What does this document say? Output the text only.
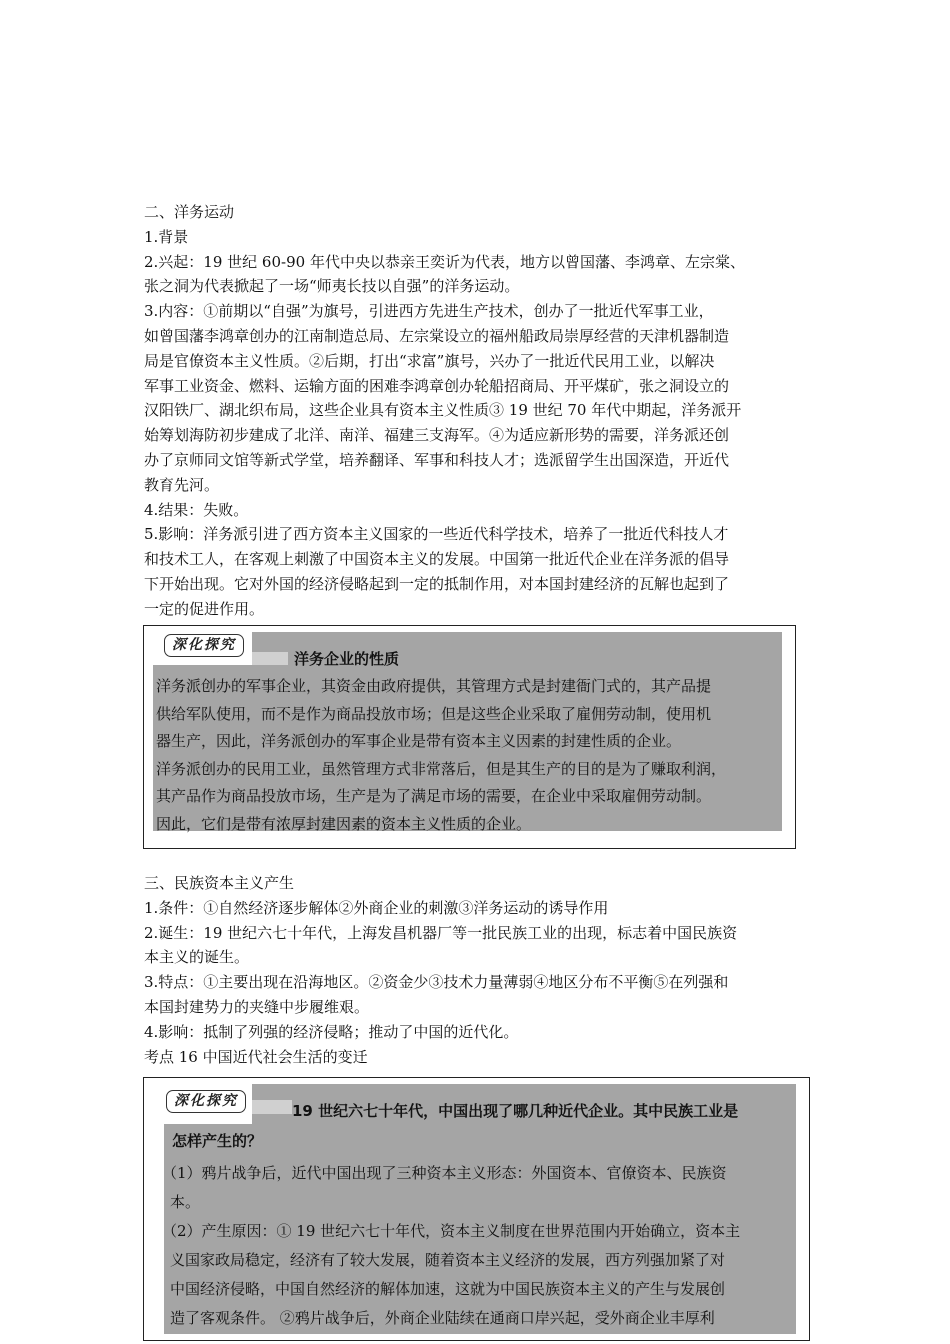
二、洋务运动
1.背景
2.兴起：19 世纪 60-90 年代中央以恭亲王奕䜣为代表，地方以曾国藩、李鸿章、左宗棠、
张之洞为代表掀起了一场“师夷长技以自强”的洋务运动。
3.内容：①前期以“自强”为旗号，引进西方先进生产技术，创办了一批近代军事工业，
如曾国藩李鸿章创办的江南制造总局、左宗棠设立的福州船政局崇厚经营的天津机器制造
局是官僚资本主义性质。②后期，打出“求富”旗号，兴办了一批近代民用工业，以解决
军事工业资金、燃料、运输方面的困难李鸿章创办轮船招商局、开平煤矿，张之洞设立的
汉阳铁厂、湖北织布局，这些企业具有资本主义性质③ 19 世纪 70 年代中期起，洋务派开
始筹划海防初步建成了北洋、南洋、福建三支海军。④为适应新形势的需要，洋务派还创
办了京师同文馆等新式学堂，培养翻译、军事和科技人才；选派留学生出国深造，开近代
教育先河。
4.结果：失败。
5.影响：洋务派引进了西方资本主义国家的一些近代科学技术，培养了一批近代科技人才
和技术工人，在客观上刺激了中国资本主义的发展。中国第一批近代企业在洋务派的倡导
下开始出现。它对外国的经济侵略起到一定的抵制作用，对本国封建经济的瓦解也起到了
一定的促进作用。
深化探究
洋务企业的性质
洋务派创办的军事企业，其资金由政府提供，其管理方式是封建衙门式的，其产品提
供给军队使用，而不是作为商品投放市场；但是这些企业采取了雇佣劳动制，使用机
器生产，因此，洋务派创办的军事企业是带有资本主义因素的封建性质的企业。
洋务派创办的民用工业，虽然管理方式非常落后，但是其生产的目的是为了赚取利润，
其产品作为商品投放市场，生产是为了满足市场的需要，在企业中采取雇佣劳动制。
因此，它们是带有浓厚封建因素的资本主义性质的企业。
三、民族资本主义产生
1.条件：①自然经济逐步解体②外商企业的刺激③洋务运动的诱导作用
2.诞生：19 世纪六七十年代，上海发昌机器厂等一批民族工业的出现，标志着中国民族资
本主义的诞生。
3.特点：①主要出现在沿海地区。②资金少③技术力量薄弱④地区分布不平衡⑤在列强和
本国封建势力的夹缝中步履维艰。
4.影响：抵制了列强的经济侵略；推动了中国的近代化。
考点 16 中国近代社会生活的变迁
深化探究
19 世纪六七十年代，中国出现了哪几种近代企业。其中民族工业是
怎样产生的？
（1）鸦片战争后，近代中国出现了三种资本主义形态：外国资本、官僚资本、民族资
本。
（2）产生原因：① 19 世纪六七十年代，资本主义制度在世界范围内开始确立，资本主
义国家政局稳定，经济有了较大发展，随着资本主义经济的发展，西方列强加紧了对
中国经济侵略，中国自然经济的解体加速，这就为中国民族资本主义的产生与发展创
造了客观条件。 ②鸦片战争后，外商企业陆续在通商口岸兴起，受外商企业丰厚利
